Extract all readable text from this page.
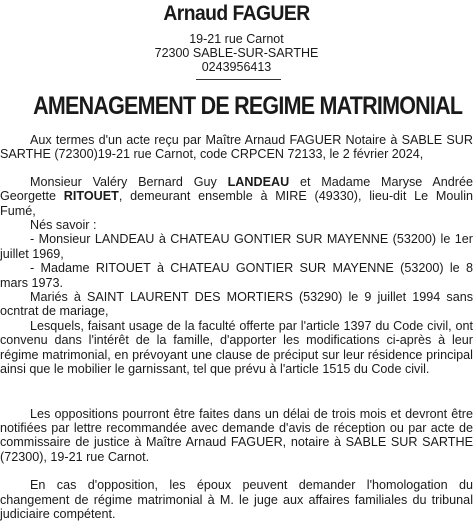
Arnaud FAGUER
19-21 rue Carnot
72300 SABLE-SUR-SARTHE
0243956413
AMENAGEMENT DE REGIME MATRIMONIAL

Aux termes d'un acte reçu par Maître Arnaud FAGUER Notaire à SABLE SUR SARTHE (72300)19-21 rue Carnot, code CRPCEN 72133, le 2 février 2024,

Monsieur Valéry Bernard Guy LANDEAU et Madame Maryse Andrée Georgette RITOUET, demeurant ensemble à MIRE (49330), lieu-dit Le Moulin Fumé,

Nés savoir :

- Monsieur LANDEAU à CHATEAU GONTIER SUR MAYENNE (53200) le 1er juillet 1969,

- Madame RITOUET à CHATEAU GONTIER SUR MAYENNE (53200) le 8 mars 1973.

Mariés à SAINT LAURENT DES MORTIERS (53290) le 9 juillet 1994 sans ocntrat de mariage,

Lesquels, faisant usage de la faculté offerte par l'article 1397 du Code civil, ont convenu dans l'intérêt de la famille, d'apporter les modifications ci-après à leur régime matrimonial, en prévoyant une clause de préciput sur leur résidence principal ainsi que le mobilier le garnissant, tel que prévu à l'article 1515 du Code civil.

Les oppositions pourront être faites dans un délai de trois mois et devront être notifiées par lettre recommandée avec demande d'avis de réception ou par acte de commissaire de justice à Maître Arnaud FAGUER, notaire à SABLE SUR SARTHE (72300), 19-21 rue Carnot.

En cas d'opposition, les époux peuvent demander l'homologation du changement de régime matrimonial à M. le juge aux affaires familiales du tribunal judiciaire compétent.
